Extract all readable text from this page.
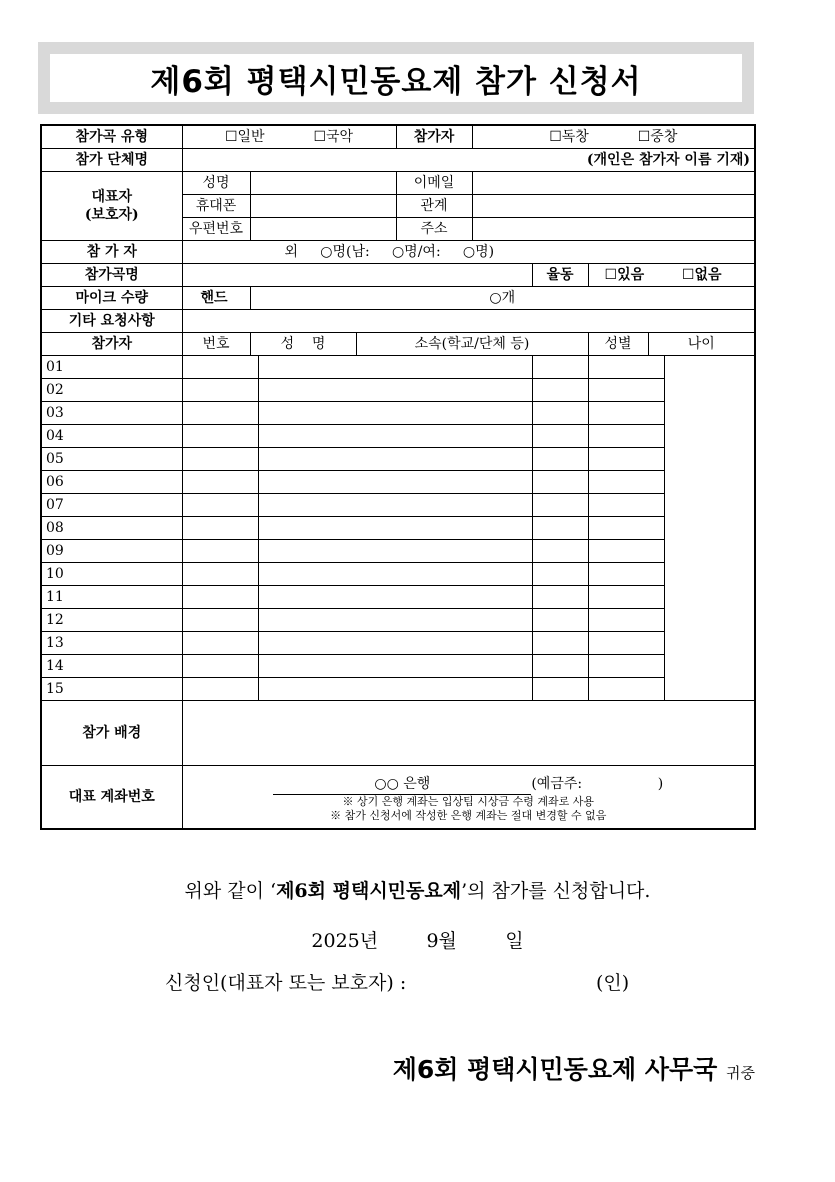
제6회 평택시민동요제 참가 신청서
참가곡 유형	☐일반 ☐국악				참가자	☐독창 ☐중창			
참가 단체명	(개인은 참가자 이름 기재)								
대표자
(보호자)	성명				이메일				
	휴대폰				관계				
	우편번호				주소				
참 가 자	외     ○명(남:     ○명/여:     ○명)								
참가곡명							율동	☐있음 ☐없음	
마이크 수량	핸드	○개							
기타 요청사항									
참가자	번호	성    명		소속(학교/단체 등)				성별	나이
01									
02									
03									
04									
05									
06									
07									
08									
09									
10									
11									
12									
13									
14									
15									
참가 배경									
대표 계좌번호	○○ 은행 (예금주:                 )
※ 상기 은행 계좌는 입상팀 시상금 수령 계좌로 사용
※ 참가 신청서에 작성한 은행 계좌는 절대 변경할 수 없음								
위와 같이 ‘제6회 평택시민동요제’의 참가를 신청합니다.
2025년        9월        일
신청인(대표자 또는 보호자) :	(인)
제6회 평택시민동요제 사무국 귀중
